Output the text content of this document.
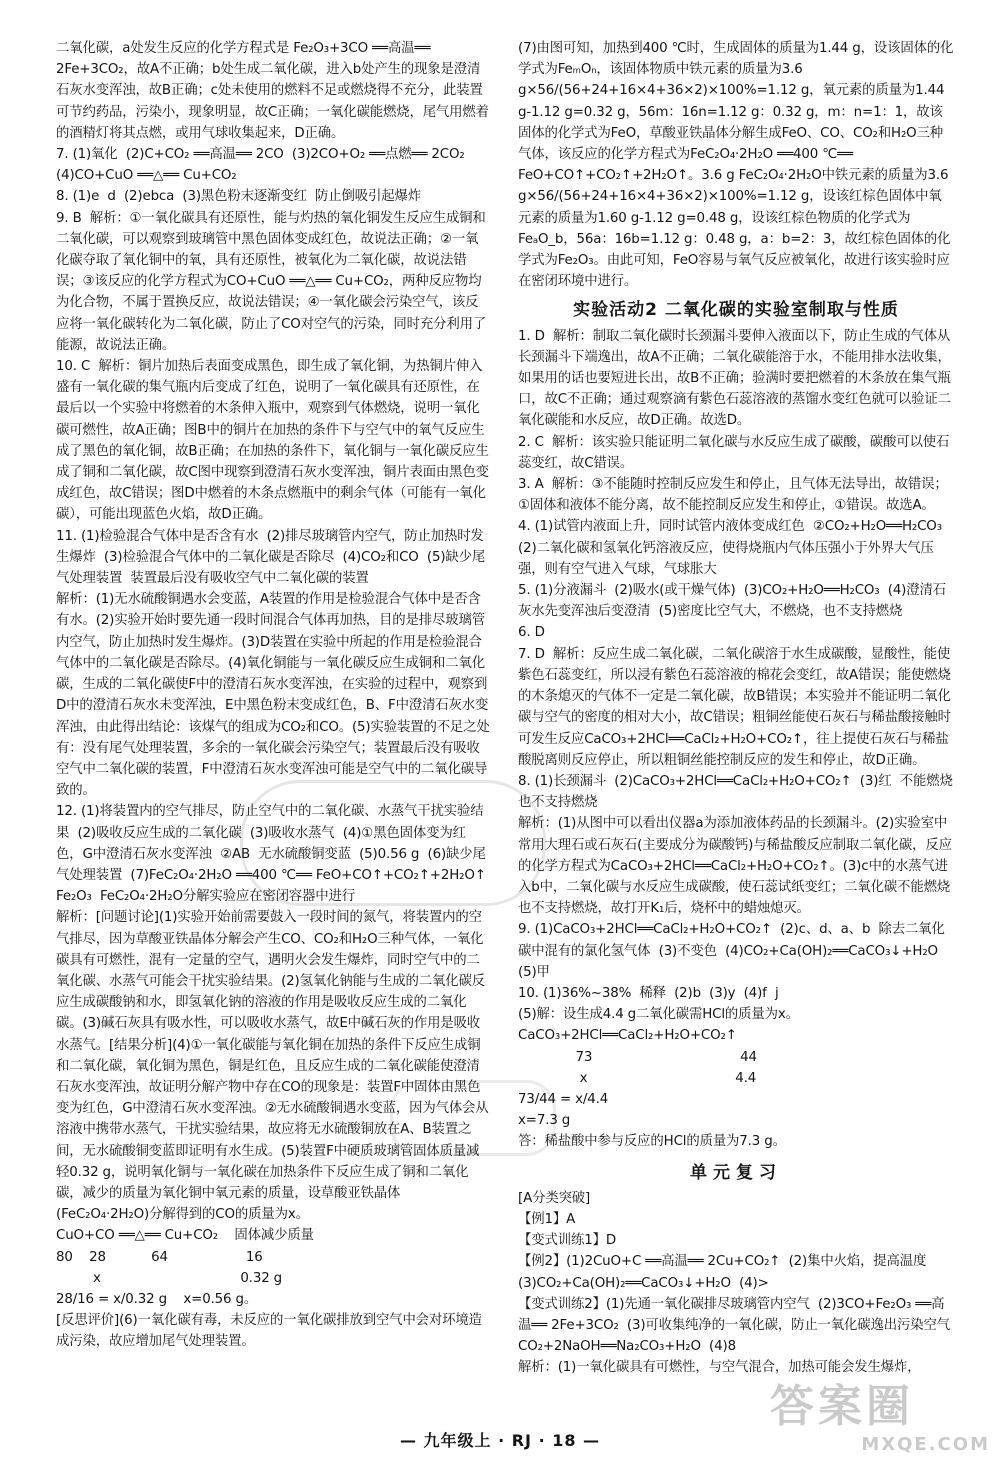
二氧化碳，a处发生反应的化学方程式是 Fe₂O₃+3CO ══高温══ 2Fe+3CO₂，故A不正确；b处生成二氧化碳，进入b处产生的现象是澄清石灰水变浑浊，故B正确；c处未使用的燃料不足或燃烧得不充分，此装置可节约药品，污染小，现象明显，故C正确；一氧化碳能燃烧，尾气用燃着的酒精灯将其点燃，或用气球收集起来，D正确。

7. (1)氧化  (2)C+CO₂ ══高温══ 2CO  (3)2CO+O₂ ══点燃══ 2CO₂

(4)CO+CuO ══△══ Cu+CO₂

8. (1)e  d  (2)ebca  (3)黑色粉末逐渐变红  防止倒吸引起爆炸

9. B  解析：①一氧化碳具有还原性，能与灼热的氧化铜发生反应生成铜和二氧化碳，可以观察到玻璃管中黑色固体变成红色，故说法正确；②一氧化碳夺取了氧化铜中的氧，具有还原性，被氧化为二氧化碳，故说法错误；③该反应的化学方程式为CO+CuO ══△══ Cu+CO₂，两种反应物均为化合物，不属于置换反应，故说法错误；④一氧化碳会污染空气，该反应将一氧化碳转化为二氧化碳，防止了CO对空气的污染，同时充分利用了能源，故说法正确。

10. C  解析：铜片加热后表面变成黑色，即生成了氧化铜，为热铜片伸入盛有一氧化碳的集气瓶内后变成了红色，说明了一氧化碳具有还原性，在最后以一个实验中将燃着的木条伸入瓶中，观察到气体燃烧，说明一氧化碳可燃性，故A正确；图B中的铜片在加热的条件下与空气中的氧气反应生成了黑色的氧化铜，故B正确；在加热的条件下，氧化铜与一氧化碳反应生成了铜和二氧化碳，故C图中现察到澄清石灰水变浑浊，铜片表面由黑色变成红色，故C错误；图D中燃着的木条点燃瓶中的剩余气体（可能有一氧化碳），可能出现蓝色火焰，故D正确。

11. (1)检验混合气体中是否含有水  (2)排尽玻璃管内空气，防止加热时发生爆炸  (3)检验混合气体中的二氧化碳是否除尽  (4)CO₂和CO  (5)缺少尾气处理装置  装置最后没有吸收空气中二氧化碳的装置

解析：(1)无水硫酸铜遇水会变蓝，A装置的作用是检验混合气体中是否含有水。(2)实验开始时要先通一段时间混合气体再加热，目的是排尽玻璃管内空气，防止加热时发生爆炸。(3)D装置在实验中所起的作用是检验混合气体中的二氧化碳是否除尽。(4)氧化铜能与一氧化碳反应生成铜和二氧化碳，生成的二氧化碳使F中的澄清石灰水变浑浊，在实验的过程中，观察到D中的澄清石灰水未变浑浊，E中黑色粉末变成红色，B、F中澄清石灰水变浑浊，由此得出结论：该煤气的组成为CO₂和CO。(5)实验装置的不足之处有：没有尾气处理装置，多余的一氧化碳会污染空气；装置最后没有吸收空气中二氧化碳的装置，F中澄清石灰水变浑浊可能是空气中的二氧化碳导致的。

12. (1)将装置内的空气排尽，防止空气中的二氧化碳、水蒸气干扰实验结果  (2)吸收反应生成的二氧化碳  (3)吸收水蒸气  (4)①黑色固体变为红色，G中澄清石灰水变浑浊  ②AB  无水硫酸铜变蓝  (5)0.56 g  (6)缺少尾气处理装置  (7)FeC₂O₄·2H₂O ══400 ℃══ FeO+CO↑+CO₂↑+2H₂O↑  Fe₂O₃  FeC₂O₄·2H₂O分解实验应在密闭容器中进行

解析：[问题讨论](1)实验开始前需要鼓入一段时间的氮气，将装置内的空气排尽，因为草酸亚铁晶体分解会产生CO、CO₂和H₂O三种气体，一氧化碳具有可燃性，混有一定量的空气，遇明火会发生爆炸，同时空气中的二氧化碳、水蒸气可能会干扰实验结果。(2)氢氧化钠能与生成的二氧化碳反应生成碳酸钠和水，即氢氧化钠的溶液的作用是吸收反应生成的二氧化碳。(3)碱石灰具有吸水性，可以吸收水蒸气，故E中碱石灰的作用是吸收水蒸气。[结果分析](4)①一氧化碳能与氧化铜在加热的条件下反应生成铜和二氧化碳，氧化铜为黑色，铜是红色，且反应生成的二氧化碳能使澄清石灰水变浑浊，故证明分解产物中存在CO的现象是：装置F中固体由黑色变为红色，G中澄清石灰水变浑浊。②无水硫酸铜遇水变蓝，因为气体会从溶液中携带水蒸气，干扰实验结果，故应将无水硫酸铜放在A、B装置之间，无水硫酸铜变蓝即证明有水生成。(5)装置F中硬质玻璃管固体质量减轻0.32 g，说明氧化铜与一氧化碳在加热条件下反应生成了铜和二氧化碳，减少的质量为氧化铜中氧元素的质量，设草酸亚铁晶体(FeC₂O₄·2H₂O)分解得到的CO的质量为x。

CuO+CO ══△══ Cu+CO₂    固体减少质量

80    28           64                   16

x                                  0.32 g

28/16 = x/0.32 g    x=0.56 g。

[反思评价](6)一氧化碳有毒，未反应的一氧化碳排放到空气中会对环境造成污染，故应增加尾气处理装置。

(7)由图可知，加热到400 ℃时，生成固体的质量为1.44 g，设该固体的化学式为FeₘOₙ，该固体物质中铁元素的质量为3.6 g×56/(56+24+16×4+36×2)×100%=1.12 g，氧元素的质量为1.44 g-1.12 g=0.32 g，56m：16n=1.12 g：0.32 g，m：n=1：1，故该固体的化学式为FeO，草酸亚铁晶体分解生成FeO、CO、CO₂和H₂O三种气体，该反应的化学方程式为FeC₂O₄·2H₂O ══400 ℃══ FeO+CO↑+CO₂↑+2H₂O↑。3.6 g FeC₂O₄·2H₂O中铁元素的质量为3.6 g×56/(56+24+16×4+36×2)×100%=1.12 g，设该红棕色固体中氧元素的质量为1.60 g-1.12 g=0.48 g，设该红棕色物质的化学式为FeₐO_b，56a：16b=1.12 g：0.48 g，a：b=2：3，故红棕色固体的化学式为Fe₂O₃。由此可知，FeO容易与氧气反应被氧化，故进行该实验时应在密闭环境中进行。

实验活动2 二氧化碳的实验室制取与性质

1. D  解析：制取二氧化碳时长颈漏斗要伸入液面以下，防止生成的气体从长颈漏斗下端逸出，故A不正确；二氧化碳能溶于水，不能用排水法收集，如果用的话也要短进长出，故B不正确；验满时要把燃着的木条放在集气瓶口，故C不正确；通过观察滴有紫色石蕊溶液的蒸馏水变红色就可以验证二氧化碳能和水反应，故D正确。故选D。

2. C  解析：该实验只能证明二氧化碳与水反应生成了碳酸，碳酸可以使石蕊变红，故C错误。

3. A  解析：③不能随时控制反应发生和停止，且气体无法导出，故错误；①固体和液体不能分离，故不能控制反应发生和停止，①错误。故选A。

4. (1)试管内液面上升，同时试管内液体变成红色  ②CO₂+H₂O══H₂CO₃  (2)二氧化碳和氢氧化钙溶液反应，使得烧瓶内气体压强小于外界大气压强，则有空气进入气球，气球胀大

5. (1)分液漏斗  (2)吸水(或干燥气体)  (3)CO₂+H₂O══H₂CO₃  (4)澄清石灰水先变浑浊后变澄清  (5)密度比空气大，不燃烧，也不支持燃烧

6. D

7. D  解析：反应生成二氧化碳，二氧化碳溶于水生成碳酸，显酸性，能使紫色石蕊变红，所以浸有紫色石蕊溶液的棉花会变红，故A错误；能使燃烧的木条熄灭的气体不一定是二氧化碳，故B错误；本实验并不能证明二氧化碳与空气的密度的相对大小，故C错误；粗铜丝能使石灰石与稀盐酸接触时可发生反应CaCO₃+2HCl══CaCl₂+H₂O+CO₂↑，往上提使石灰石与稀盐酸脱离则反应停止，所以粗铜丝能控制反应的发生和停止，故D正确。

8. (1)长颈漏斗  (2)CaCO₃+2HCl══CaCl₂+H₂O+CO₂↑  (3)红  不能燃烧也不支持燃烧

解析：(1)从图中可以看出仪器a为添加液体药品的长颈漏斗。(2)实验室中常用大理石或石灰石(主要成分为碳酸钙)与稀盐酸反应制取二氧化碳，反应的化学方程式为CaCO₃+2HCl══CaCl₂+H₂O+CO₂↑。(3)c中的水蒸气进入b中，二氧化碳与水反应生成碳酸，使石蕊试纸变红；二氧化碳不能燃烧也不支持燃烧，故打开K₁后，烧杯中的蜡烛熄灭。

9. (1)CaCO₃+2HCl══CaCl₂+H₂O+CO₂↑  (2)c、d、a、b  除去二氧化碳中混有的氯化氢气体  (3)不变色  (4)CO₂+Ca(OH)₂══CaCO₃↓+H₂O  (5)甲

10. (1)36%~38%  稀释  (2)b  (3)y  (4)f  j

(5)解：设生成4.4 g二氧化碳需HCl的质量为x。

CaCO₃+2HCl══CaCl₂+H₂O+CO₂↑

73                                    44

x                                    4.4

73/44 = x/4.4

x=7.3 g

答：稀盐酸中参与反应的HCl的质量为7.3 g。

单元复习

[A分类突破]

【例1】A

【变式训练1】D

【例2】(1)2CuO+C ══高温══ 2Cu+CO₂↑  (2)集中火焰，提高温度  (3)CO₂+Ca(OH)₂══CaCO₃↓+H₂O  (4)>

【变式训练2】(1)先通一氧化碳排尽玻璃管内空气  (2)3CO+Fe₂O₃ ══高温══ 2Fe+3CO₂  (3)可收集纯净的一氧化碳，防止一氧化碳逸出污染空气  CO₂+2NaOH══Na₂CO₃+H₂O  (4)8

解析：(1)一氧化碳具有可燃性，与空气混合，加热可能会发生爆炸，

— 九年级上 · RJ · 18 —
答案圈
MXQE.COM
